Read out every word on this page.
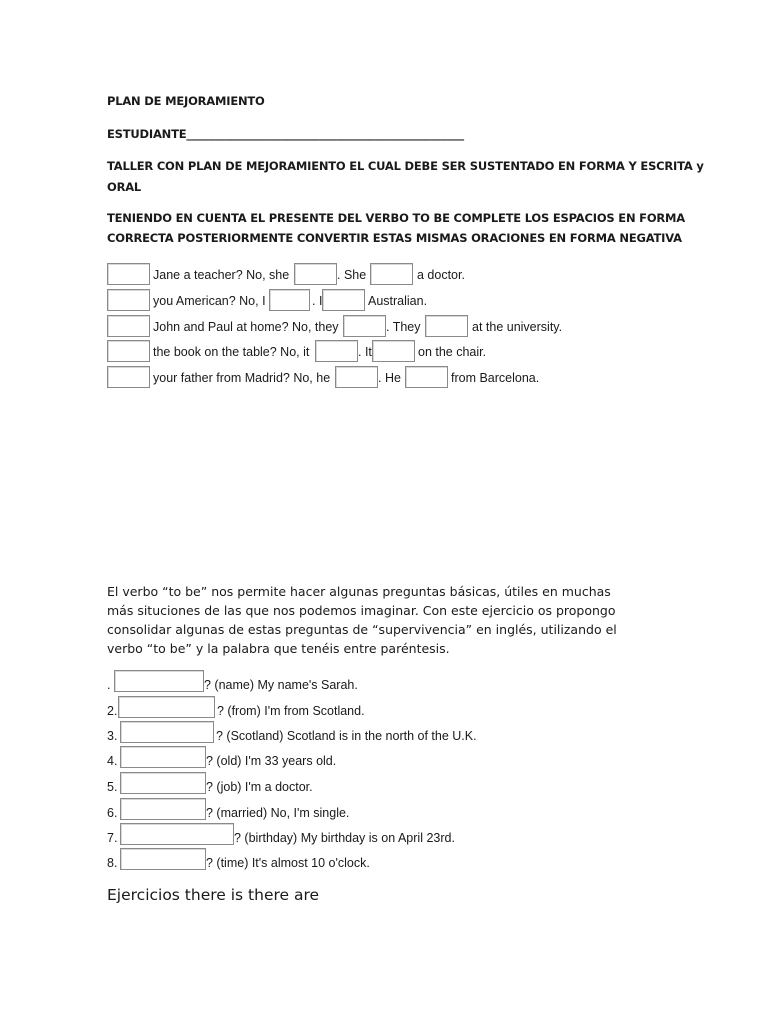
PLAN DE MEJORAMIENTO
ESTUDIANTE__________________________________________________
TALLER CON PLAN DE MEJORAMIENTO EL CUAL DEBE SER SUSTENTADO EN FORMA Y ESCRITA y
ORAL
TENIENDO EN CUENTA EL PRESENTE DEL VERBO TO BE COMPLETE LOS ESPACIOS EN FORMA
CORRECTA POSTERIORMENTE CONVERTIR ESTAS MISMAS ORACIONES EN FORMA NEGATIVA
Jane a teacher? No, she	. She	a doctor.
you American? No, I	. I	Australian.
John and Paul at home? No, they	. They	at the university.
the book on the table? No, it	. It	on the chair.
your father from Madrid? No, he	. He	from Barcelona.
El verbo “to be” nos permite hacer algunas preguntas básicas, útiles en muchas más situciones de las que nos podemos imaginar. Con este ejercicio os propongo consolidar algunas de estas preguntas de “supervivencia” en inglés, utilizando el verbo “to be” y la palabra que tenéis entre paréntesis.
.	? (name) My name's Sarah.
2.	? (from) I'm from Scotland.
3.	? (Scotland) Scotland is in the north of the U.K.
4.	? (old) I'm 33 years old.
5.	? (job) I'm a doctor.
6.	? (married) No, I'm single.
7.	? (birthday) My birthday is on April 23rd.
8.	? (time) It's almost 10 o'clock.
Ejercicios there is there are
